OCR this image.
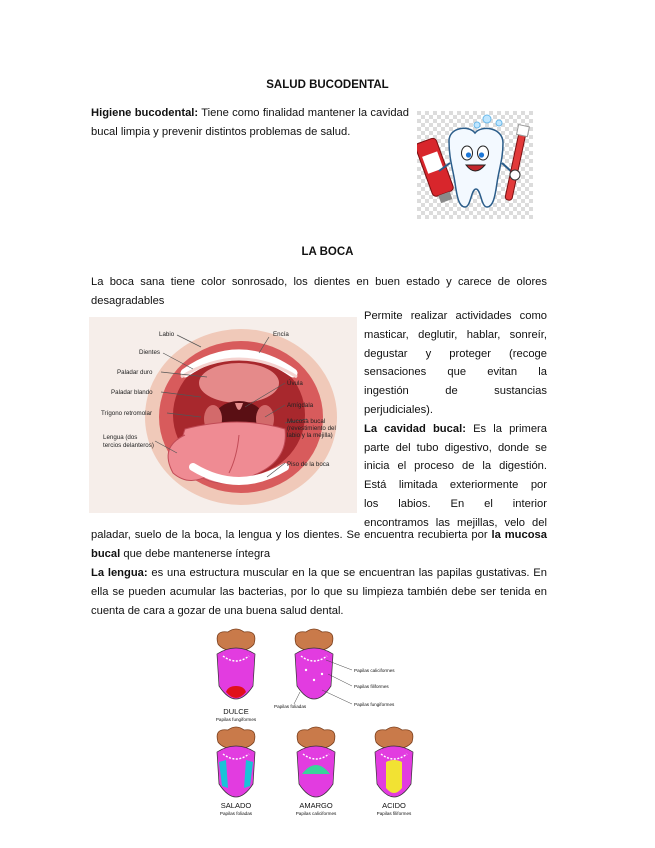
SALUD BUCODENTAL
Higiene bucodental: Tiene como finalidad mantener la cavidad bucal limpia y prevenir distintos problemas de salud.
LA BOCA
La boca sana tiene color sonrosado, los dientes en buen estado y carece de olores desagradables
Labio
Dientes
Paladar duro
Paladar blando
Trígono retromolar
Lengua (dos
tercios delanteros)
Encía
Úvula
Amígdala
Mucosa bucal
(revestimiento del
labio y la mejilla)
Piso de la boca
Permite realizar actividades como
masticar, deglutir, hablar, sonreír,
degustar y proteger (recoge
sensaciones que evitan la
ingestión de sustancias
perjudiciales).
La cavidad bucal: Es la primera
parte del tubo digestivo, donde se
inicia el proceso de la digestión.
Está limitada exteriormente por
los labios. En el interior
encontramos las mejillas, velo del
paladar, suelo de la boca, la lengua y los dientes. Se encuentra recubierta por la mucosa bucal que debe mantenerse íntegra
La lengua: es una estructura muscular en la que se encuentran las papilas gustativas. En ella se pueden acumular las bacterias, por lo que su limpieza también debe ser tenida en cuenta de cara a gozar de una buena salud dental.
DULCE
Papilas fungiformes
Papilas caliciformes
Papilas filiformes
Papilas fungiformes
Papilas foliadas
SALADO
Papilas foliadas
AMARGO
Papilas caliciformes
ACIDO
Papilas filiformes
